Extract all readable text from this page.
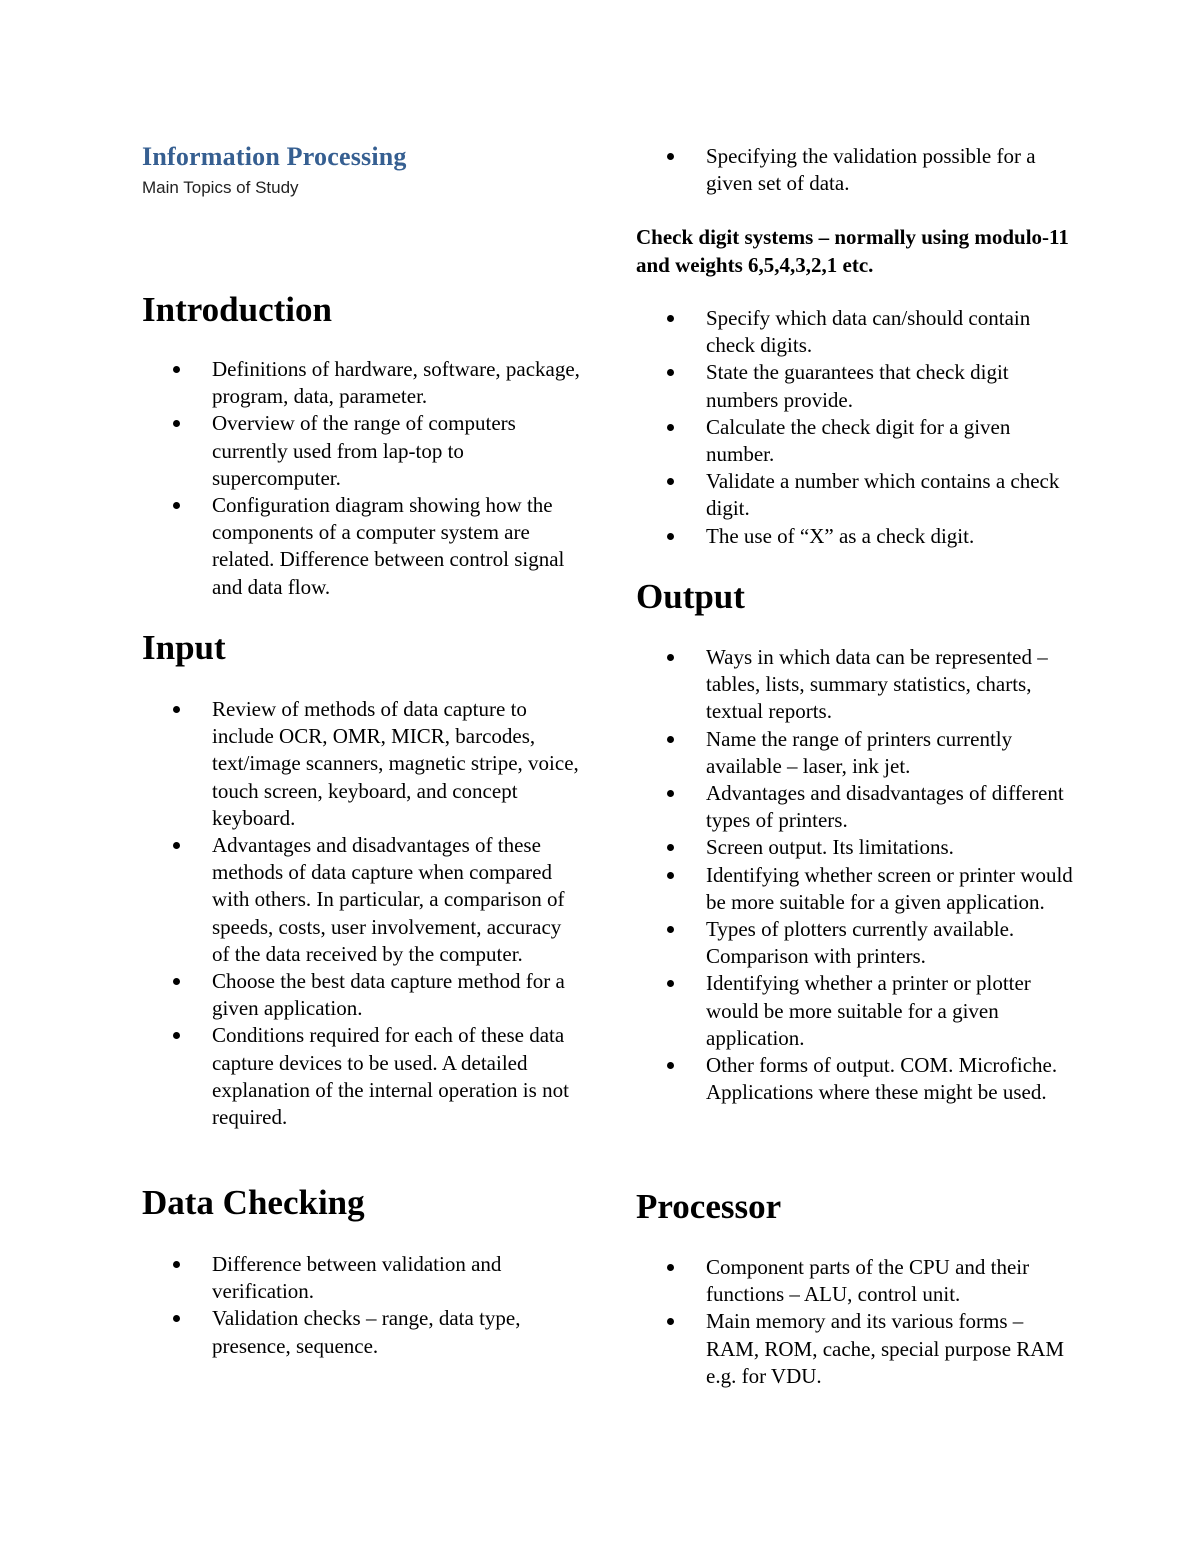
Information Processing
Main Topics of Study
Introduction
Definitions of hardware, software, package, program, data, parameter.
Overview of the range of computers currently used from lap-top to supercomputer.
Configuration diagram showing how the components of a computer system are related. Difference between control signal and data flow.
Input
Review of methods of data capture to include OCR, OMR, MICR, barcodes, text/image scanners, magnetic stripe, voice, touch screen, keyboard, and concept keyboard.
Advantages and disadvantages of these methods of data capture when compared with others. In particular, a comparison of speeds, costs, user involvement, accuracy of the data received by the computer.
Choose the best data capture method for a given application.
Conditions required for each of these data capture devices to be used. A detailed explanation of the internal operation is not required.
Data Checking
Difference between validation and verification.
Validation checks – range, data type, presence, sequence.
Specifying the validation possible for a given set of data.

Check digit systems – normally using modulo-11 and weights 6,5,4,3,2,1 etc.

Specify which data can/should contain check digits.
State the guarantees that check digit numbers provide.
Calculate the check digit for a given number.
Validate a number which contains a check digit.
The use of “X” as a check digit.
Output
Ways in which data can be represented – tables, lists, summary statistics, charts, textual reports.
Name the range of printers currently available – laser, ink jet.
Advantages and disadvantages of different types of printers.
Screen output. Its limitations.
Identifying whether screen or printer would be more suitable for a given application.
Types of plotters currently available. Comparison with printers.
Identifying whether a printer or plotter would be more suitable for a given application.
Other forms of output. COM. Microfiche. Applications where these might be used.
Processor
Component parts of the CPU and their functions – ALU, control unit.
Main memory and its various forms – RAM, ROM, cache, special purpose RAM e.g. for VDU.
